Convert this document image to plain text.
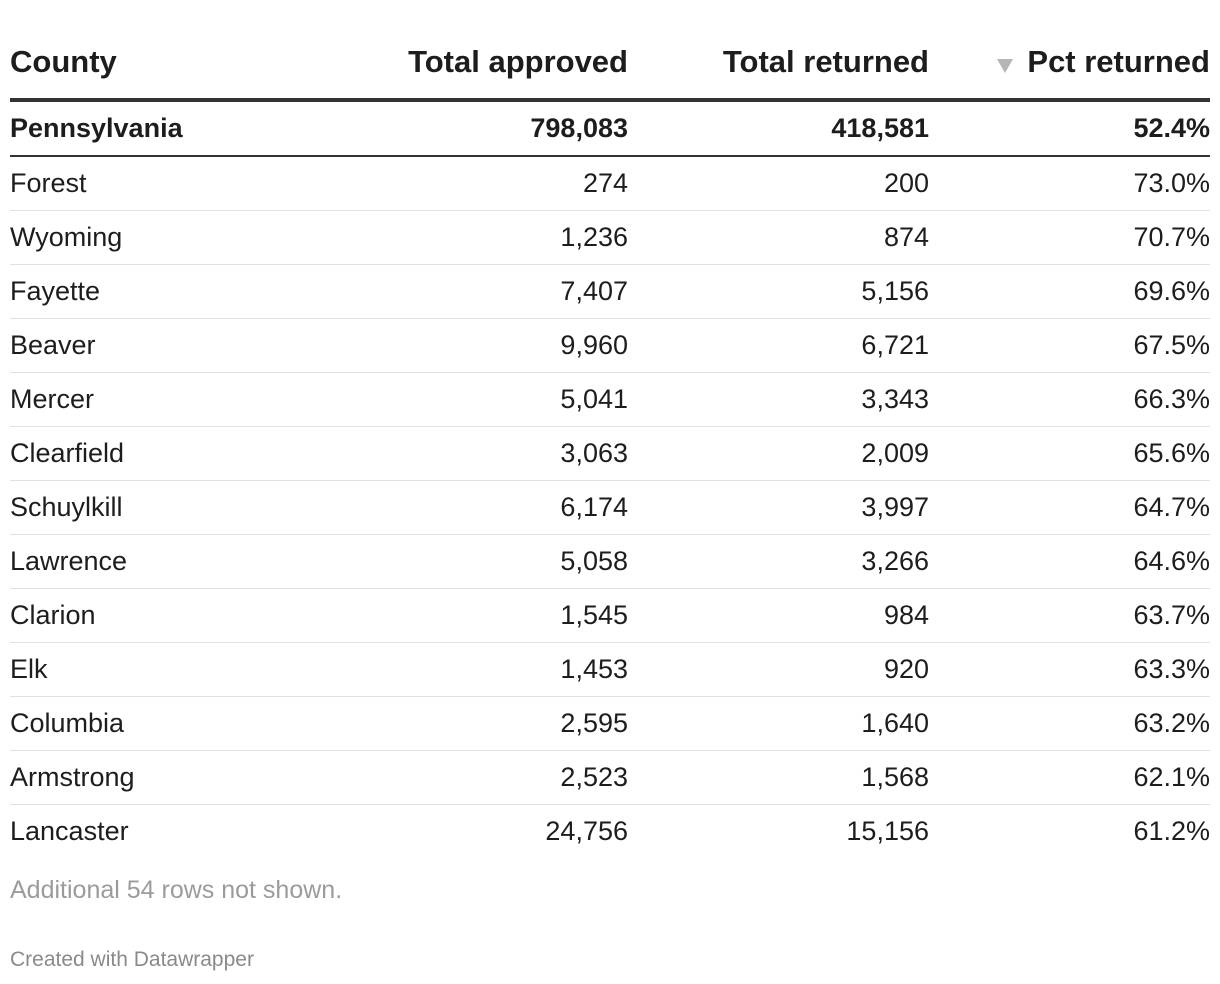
County	Total approved	Total returned	Pct returned
Pennsylvania	798,083	418,581	52.4%
Forest	274	200	73.0%
Wyoming	1,236	874	70.7%
Fayette	7,407	5,156	69.6%
Beaver	9,960	6,721	67.5%
Mercer	5,041	3,343	66.3%
Clearfield	3,063	2,009	65.6%
Schuylkill	6,174	3,997	64.7%
Lawrence	5,058	3,266	64.6%
Clarion	1,545	984	63.7%
Elk	1,453	920	63.3%
Columbia	2,595	1,640	63.2%
Armstrong	2,523	1,568	62.1%
Lancaster	24,756	15,156	61.2%
Additional 54 rows not shown.
Created with Datawrapper
